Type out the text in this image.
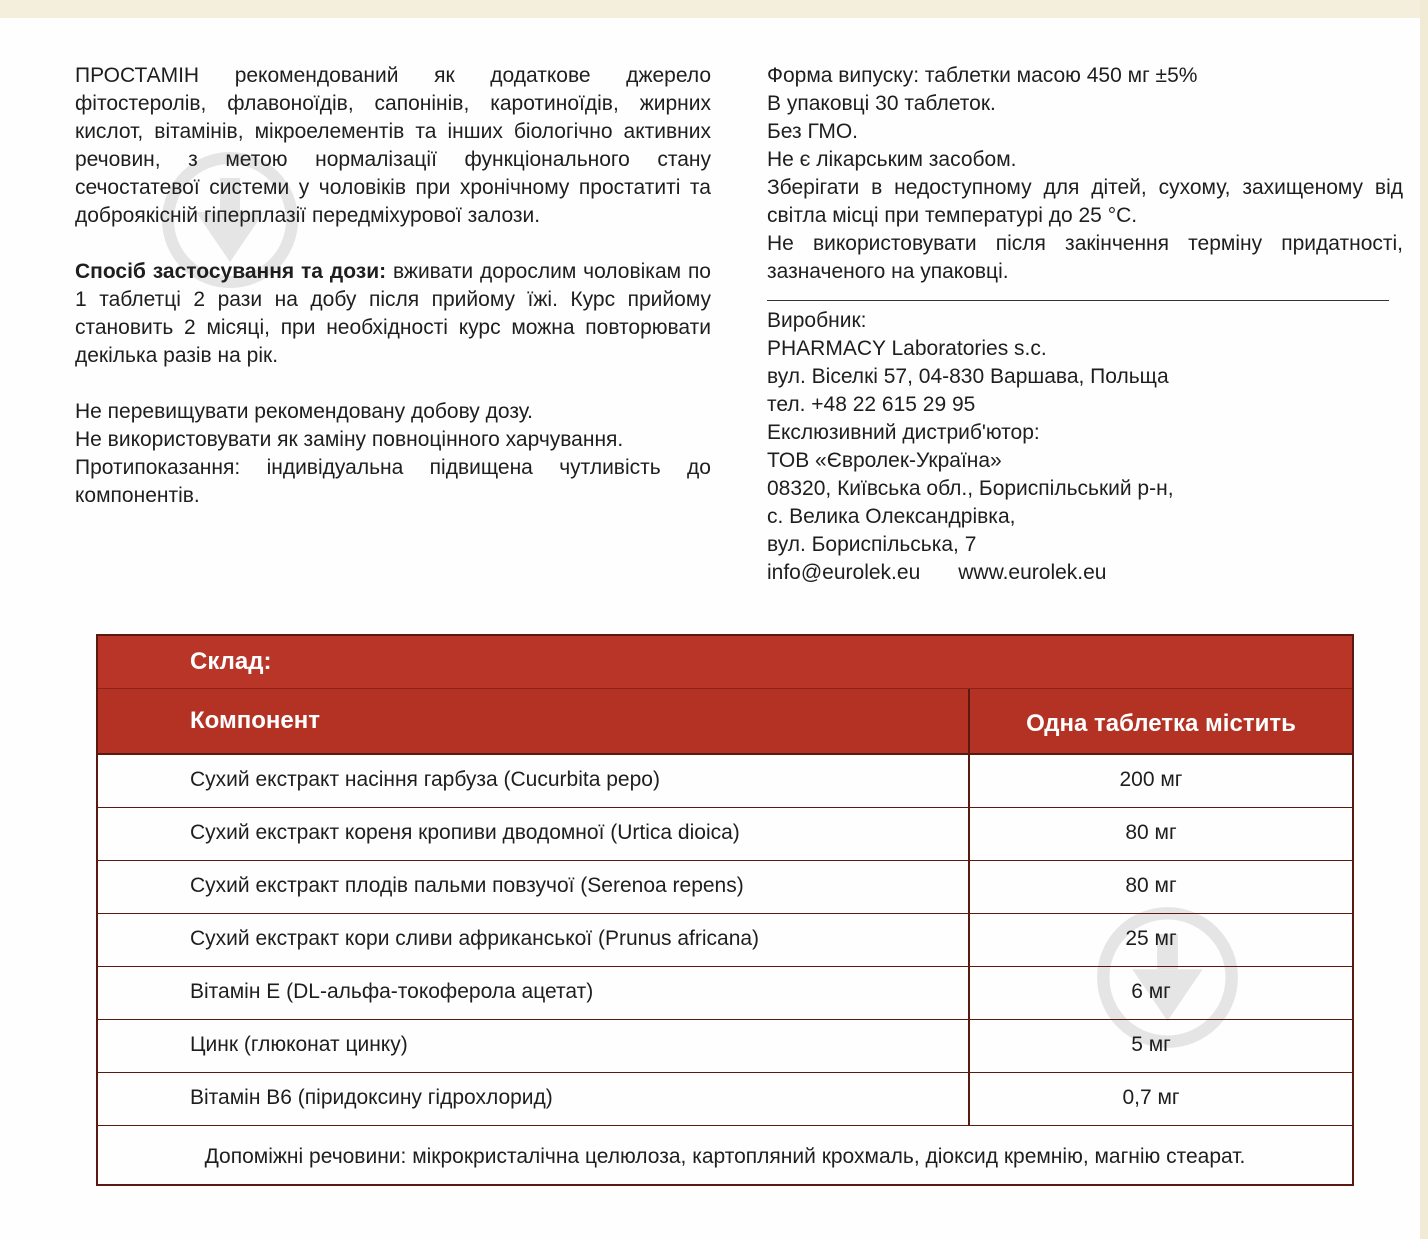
ПРОСТАМІН рекомендований як додаткове джерело фітостеролів, флавоноїдів, сапонінів, каротиноїдів, жирних кислот, вітамінів, мікроелементів та інших біологічно активних речовин, з метою нормалізації функціонального стану сечостатевої системи у чоловіків при хронічному простатиті та доброякісній гіперплазії передміхурової залози.

Спосіб застосування та дози: вживати дорослим чоловікам по 1 таблетці 2 рази на добу після прийому їжі. Курс прийому становить 2 місяці, при необхідності курс можна повторювати декілька разів на рік.

Не перевищувати рекомендовану добову дозу.
Не використовувати як заміну повноцінного харчування.
Протипоказання: індивідуальна підвищена чутливість до компонентів.

Форма випуску: таблетки масою 450 мг ±5%
В упаковці 30 таблеток.
Без ГМО.
Не є лікарським засобом.
Зберігати в недоступному для дітей, сухому, захищеному від світла місці при температурі до 25 °С.
Не використовувати після закінчення терміну придатності, зазначеного на упаковці.
Виробник:
PHARMACY Laboratories s.c.
вул. Віселкі 57, 04-830 Варшава, Польща
тел. +48 22 615 29 95
Екслюзивний дистриб'ютор:
ТОВ «Євролек-Україна»
08320, Київська обл., Бориспільський р-н,
с. Велика Олександрівка,
вул. Бориспільська, 7
info@eurolek.eu www.eurolek.eu
Склад:
Компонент	Одна таблетка містить
Сухий екстракт насіння гарбуза (Cucurbita pepo)	200 мг
Сухий екстракт кореня кропиви дводомної (Urtica dioica)	80 мг
Сухий екстракт плодів пальми повзучої (Serenoa repens)	80 мг
Сухий екстракт кори сливи африканської (Prunus africana)	25 мг
Вітамін Е (DL-альфа-токоферола ацетат)	6 мг
Цинк (глюконат цинку)	5 мг
Вітамін В6 (піридоксину гідрохлорид)	0,7 мг
Допоміжні речовини: мікрокристалічна целюлоза, картопляний крохмаль, діоксид кремнію, магнію стеарат.
